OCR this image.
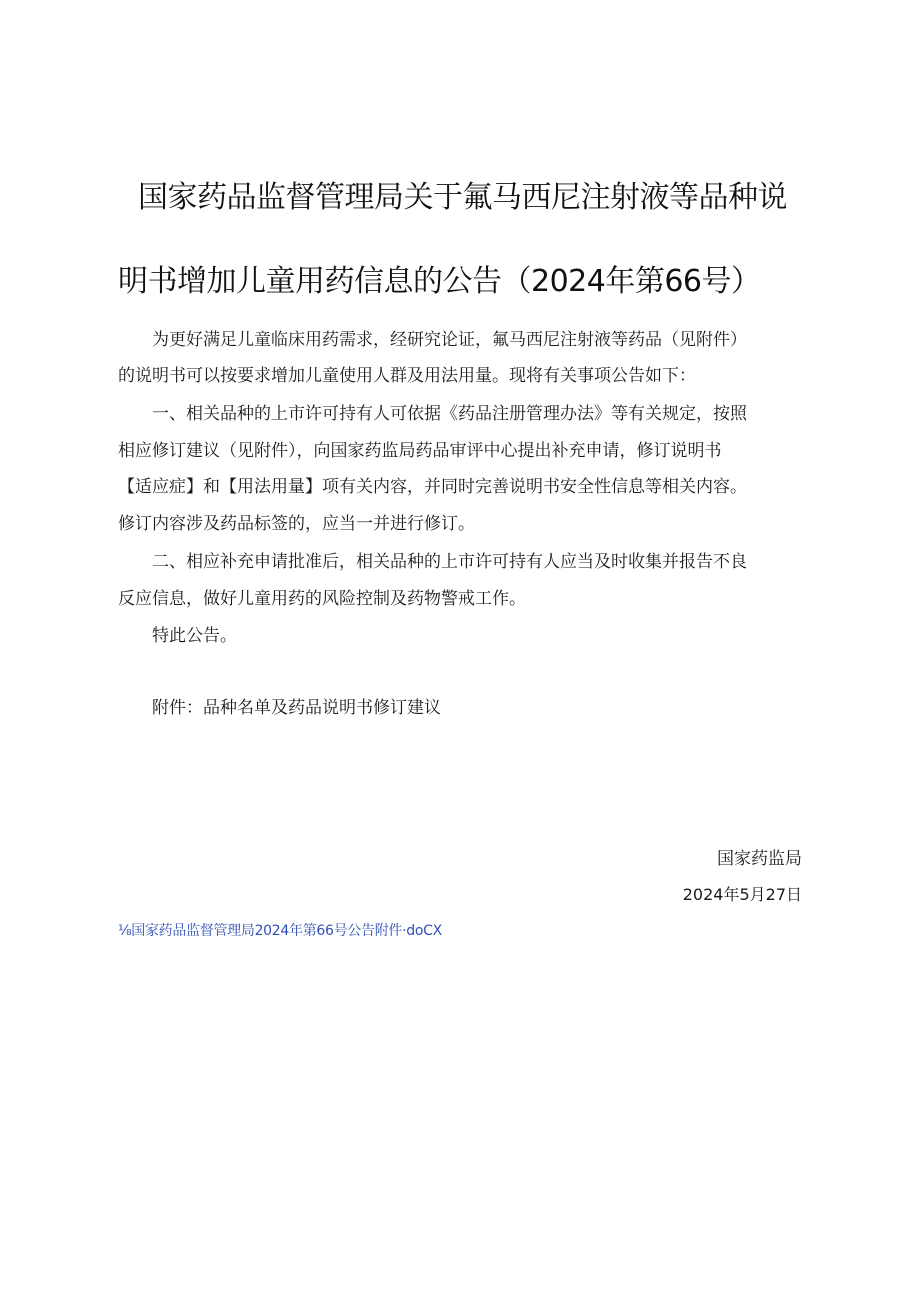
国家药品监督管理局关于氟马西尼注射液等品种说
明书增加儿童用药信息的公告（2024年第66号）
为更好满足儿童临床用药需求，经研究论证，氟马西尼注射液等药品（见附件）
的说明书可以按要求增加儿童使用人群及用法用量。现将有关事项公告如下：
一、相关品种的上市许可持有人可依据《药品注册管理办法》等有关规定，按照
相应修订建议（见附件），向国家药监局药品审评中心提出补充申请，修订说明书
【适应症】和【用法用量】项有关内容，并同时完善说明书安全性信息等相关内容。
修订内容涉及药品标签的，应当一并进行修订。
二、相应补充申请批准后，相关品种的上市许可持有人应当及时收集并报告不良
反应信息，做好儿童用药的风险控制及药物警戒工作。
特此公告。
附件：品种名单及药品说明书修订建议
国家药监局
2024年5月27日
⅛国家药品监督管理局2024年第66号公告附件·doCX
